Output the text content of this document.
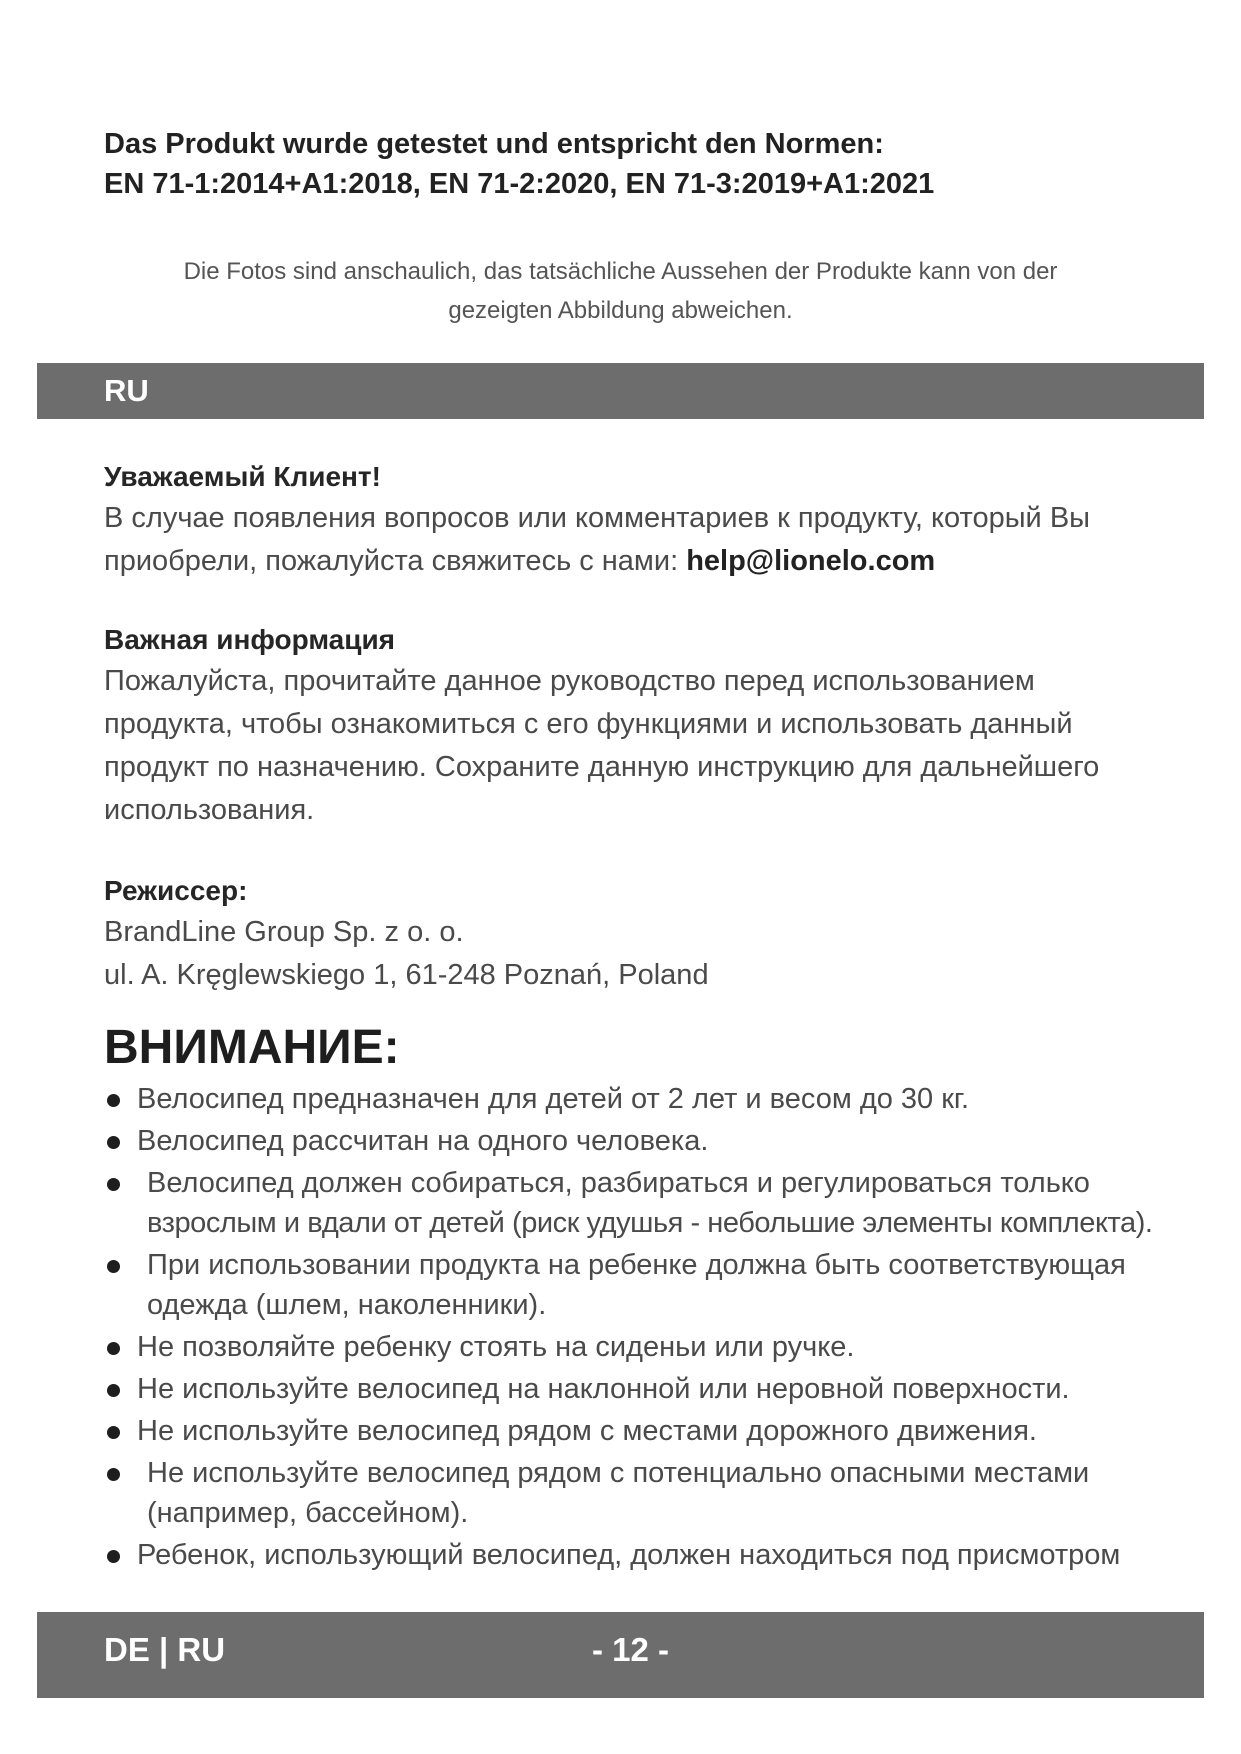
Das Produkt wurde getestet und entspricht den Normen:
EN 71-1:2014+A1:2018, EN 71-2:2020, EN 71-3:2019+A1:2021
Die Fotos sind anschaulich, das tatsächliche Aussehen der Produkte kann von der
gezeigten Abbildung abweichen.
RU
Уважаемый Клиент!
В случае появления вопросов или комментариев к продукту, который Вы
приобрели, пожалуйста свяжитесь с нами: help@lionelo.com
Важная информация
Пожалуйста, прочитайте данное руководство перед использованием
продукта, чтобы ознакомиться с его функциями и использовать данный
продукт по назначению. Сохраните данную инструкцию для дальнейшего
использования.
Режиссер:
BrandLine Group Sp. z o. o.
ul. A. Kręglewskiego 1, 61-248 Poznań, Poland
ВНИМАНИЕ:
Велосипед предназначен для детей от 2 лет и весом до 30 кг.
Велосипед рассчитан на одного человека.
Велосипед должен собираться, разбираться и регулироваться только
взрослым и вдали от детей (риск удушья - небольшие элементы комплекта).
При использовании продукта на ребенке должна быть соответствующая
одежда (шлем, наколенники).
Не позволяйте ребенку стоять на сиденьи или ручке.
Не используйте велосипед на наклонной или неровной поверхности.
Не используйте велосипед рядом с местами дорожного движения.
Не используйте велосипед рядом с потенциально опасными местами
(например, бассейном).
Ребенок, использующий велосипед, должен находиться под присмотром
DE | RU	- 12 -
